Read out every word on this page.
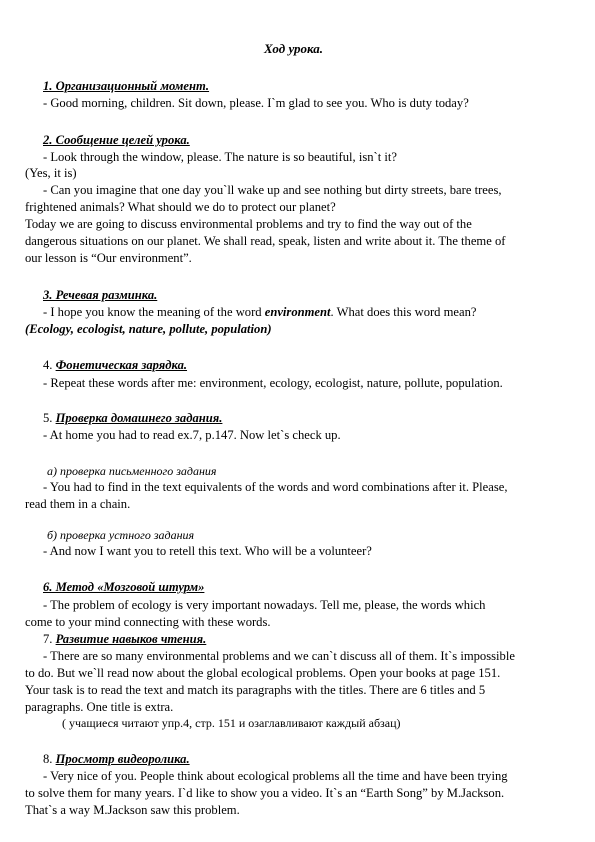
Ход урока.
1. Организационный момент.
- Good morning, children. Sit down, please. I`m glad to see you. Who is duty today?
2. Сообщение целей урока.
- Look through the window, please. The nature is so beautiful, isn`t it?
(Yes, it is)
- Can you imagine that one day you`ll wake up and see nothing but dirty streets, bare trees,
frightened animals? What should we do to protect our planet?
Today we are going to discuss environmental problems and try to find the way out of the
dangerous situations on our planet. We shall read, speak, listen and write about it. The theme of
our lesson is “Our environment”.
3. Речевая разминка.
- I hope you know the meaning of the word environment. What does this word mean?
(Ecology, ecologist, nature, pollute, population)
4. Фонетическая зарядка.
- Repeat these words after me: environment, ecology, ecologist, nature, pollute, population.
5. Проверка домашнего задания.
- At home you had to read ex.7, p.147. Now let`s check up.
а) проверка письменного задания
- You had to find in the text equivalents of the words and word combinations after it. Please,
read them in a chain.
б) проверка устного задания
- And now I want you to retell this text. Who will be a volunteer?
6. Метод «Мозговой штурм»
- The problem of ecology is very important nowadays. Tell me, please, the words which
come to your mind connecting with these words.
7. Развитие навыков чтения.
- There are so many environmental problems and we can`t discuss all of them. It`s impossible
to do. But we`ll read now about the global ecological problems. Open your books at page 151.
Your task is to read the text and match its paragraphs with the titles. There are 6 titles and 5
paragraphs. One title is extra.
( учащиеся читают упр.4, стр. 151 и озаглавливают каждый абзац)
8. Просмотр видеоролика.
- Very nice of you. People think about ecological problems all the time and have been trying
to solve them for many years. I`d like to show you a video. It`s an “Earth Song” by M.Jackson.
That`s a way M.Jackson saw this problem.
